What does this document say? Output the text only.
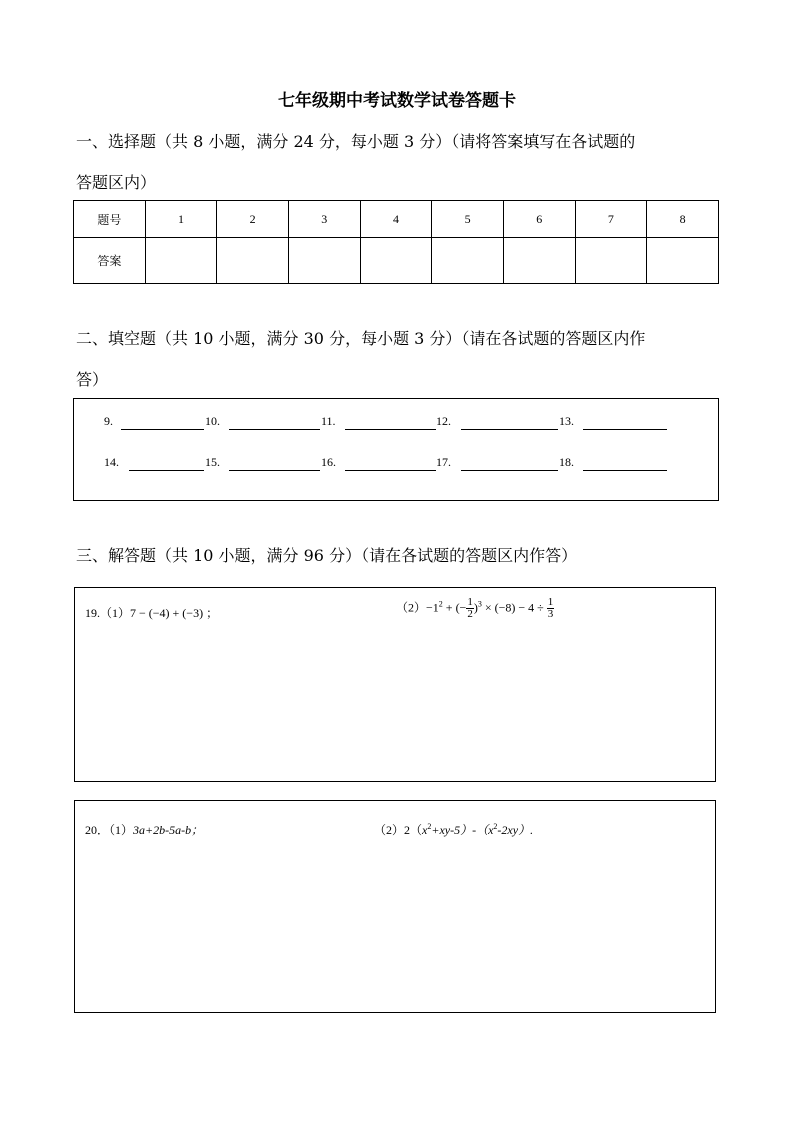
七年级期中考试数学试卷答题卡
一、选择题（共 8 小题，满分 24 分，每小题 3 分）（请将答案填写在各试题的
答题区内）
题号	1	2	3	4	5	6	7	8
答案								
二、填空题（共 10 小题，满分 30 分，每小题 3 分）（请在各试题的答题区内作
答）
9.	10.	11.	12.	13.
14.	15.	16.	17.	18.
三、解答题（共 10 小题，满分 96 分）（请在各试题的答题区内作答）
19.（1）7 − (−4) + (−3) ；	$(2)-1^2$ + (− $\frac{1}{2} )^3 \times (-8) - 4 \div \frac{1}{3}$
20．（1）3a+2b-5a-b；	$(2)2(x^2+xy-5)-(x^2-2xy)$.
